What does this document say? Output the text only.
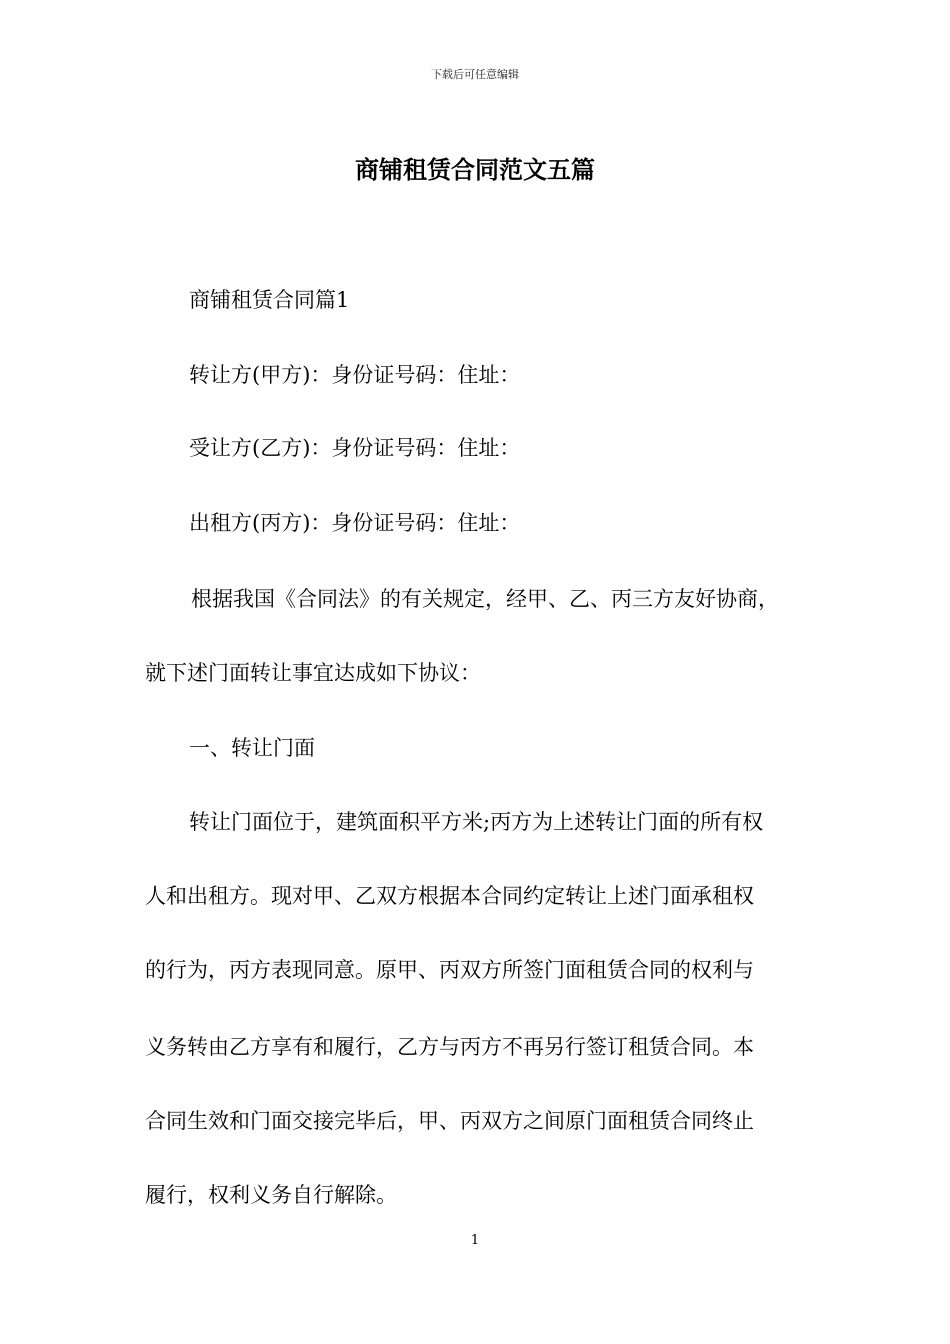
下载后可任意编辑
商铺租赁合同范文五篇
商铺租赁合同篇1
转让方(甲方)：身份证号码：住址：
受让方(乙方)：身份证号码：住址：
出租方(丙方)：身份证号码：住址：
根据我国《合同法》的有关规定，经甲、乙、丙三方友好协商，
就下述门面转让事宜达成如下协议：
一、转让门面
转让门面位于，建筑面积平方米;丙方为上述转让门面的所有权
人和出租方。现对甲、乙双方根据本合同约定转让上述门面承租权
的行为，丙方表现同意。原甲、丙双方所签门面租赁合同的权利与
义务转由乙方享有和履行，乙方与丙方不再另行签订租赁合同。本
合同生效和门面交接完毕后，甲、丙双方之间原门面租赁合同终止
履行，权利义务自行解除。
1
